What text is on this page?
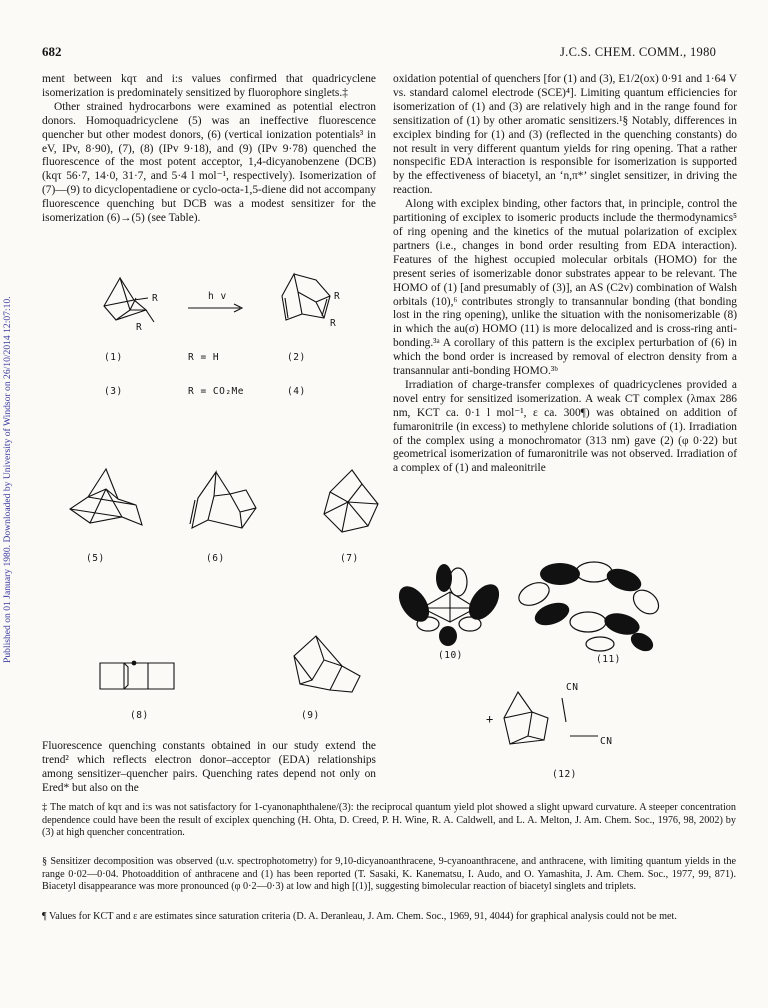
Published on 01 January 1980. Downloaded by University of Windsor on 26/10/2014 12:07:10.
682	J.C.S. CHEM. COMM., 1980

ment between kqτ and i:s values confirmed that quadricyclene isomerization is predominately sensitized by fluorophore singlets.‡

Other strained hydrocarbons were examined as potential electron donors. Homoquadricyclene (5) was an ineffective fluorescence quencher but other modest donors, (6) (vertical ionization potentials³ in eV, IPv, 8·90), (7), (8) (IPv 9·18), and (9) (IPv 9·78) quenched the fluorescence of the most potent acceptor, 1,4-dicyanobenzene (DCB) (kqτ 56·7, 14·0, 31·7, and 5·4 l mol⁻¹, respectively). Isomerization of (7)—(9) to dicyclopentadiene or cyclo-octa-1,5-diene did not accompany fluorescence quenching but DCB was a modest sensitizer for the isomerization (6)→(5) (see Table).

Fluorescence quenching constants obtained in our study extend the trend² which reflects electron donor–acceptor (EDA) relationships among sensitizer–quencher pairs. Quenching rates depend not only on Ered* but also on the

oxidation potential of quenchers [for (1) and (3), E1/2(ox) 0·91 and 1·64 V vs. standard calomel electrode (SCE)⁴]. Limiting quantum efficiencies for isomerization of (1) and (3) are relatively high and in the range found for sensitization of (1) by other aromatic sensitizers.¹§ Notably, differences in exciplex binding for (1) and (3) (reflected in the quenching constants) do not result in very different quantum yields for ring opening. That a rather nonspecific EDA interaction is responsible for isomerization is supported by the effectiveness of biacetyl, an ‘n,π*’ singlet sensitizer, in driving the reaction.

Along with exciplex binding, other factors that, in principle, control the partitioning of exciplex to isomeric products include the thermodynamics⁵ of ring opening and the kinetics of the mutual polarization of exciplex partners (i.e., changes in bond order resulting from EDA interaction). Features of the highest occupied molecular orbitals (HOMO) for the present series of isomerizable donor substrates appear to be relevant. The HOMO of (1) [and presumably of (3)], an AS (C2v) combination of Walsh orbitals (10),⁶ contributes strongly to transannular bonding (that bonding lost in the ring opening), unlike the situation with the nonisomerizable (8) in which the au(σ) HOMO (11) is more delocalized and is cross-ring anti-bonding.³ᵃ A corollary of this pattern is the exciplex perturbation of (6) in which the bond order is increased by removal of electron density from a transannular anti-bonding HOMO.³ᵇ

Irradiation of charge-transfer complexes of quadricyclenes provided a novel entry for sensitized isomerization. A weak CT complex (λmax 286 nm, KCT ca. 0·1 l mol⁻¹, ε ca. 300¶) was obtained on addition of fumaronitrile (in excess) to methylene chloride solutions of (1). Irradiation of the complex using a monochromator (313 nm) gave (2) (φ 0·22) but geometrical isomerization of fumaronitrile was not observed. Irradiation of a complex of (1) and maleonitrile

R
R
h v	R
R
(1)	R = H	(2)
(3)	R = CO₂Me	(4)
(5)	(6)	(7)
(8)	(9)
(10)	(11)
+
CN
CN
(12)

‡ The match of kqτ and i:s was not satisfactory for 1-cyanonaphthalene/(3): the reciprocal quantum yield plot showed a slight upward curvature. A steeper concentration dependence could have been the result of exciplex quenching (H. Ohta, D. Creed, P. H. Wine, R. A. Caldwell, and L. A. Melton, J. Am. Chem. Soc., 1976, 98, 2002) by (3) at high quencher concentration.

§ Sensitizer decomposition was observed (u.v. spectrophotometry) for 9,10-dicyanoanthracene, 9-cyanoanthracene, and anthracene, with limiting quantum yields in the range 0·02—0·04. Photoaddition of anthracene and (1) has been reported (T. Sasaki, K. Kanematsu, I. Audo, and O. Yamashita, J. Am. Chem. Soc., 1977, 99, 871). Biacetyl disappearance was more pronounced (φ 0·2—0·3) at low and high [(1)], suggesting bimolecular reaction of biacetyl singlets and triplets.

¶ Values for KCT and ε are estimates since saturation criteria (D. A. Deranleau, J. Am. Chem. Soc., 1969, 91, 4044) for graphical analysis could not be met.
